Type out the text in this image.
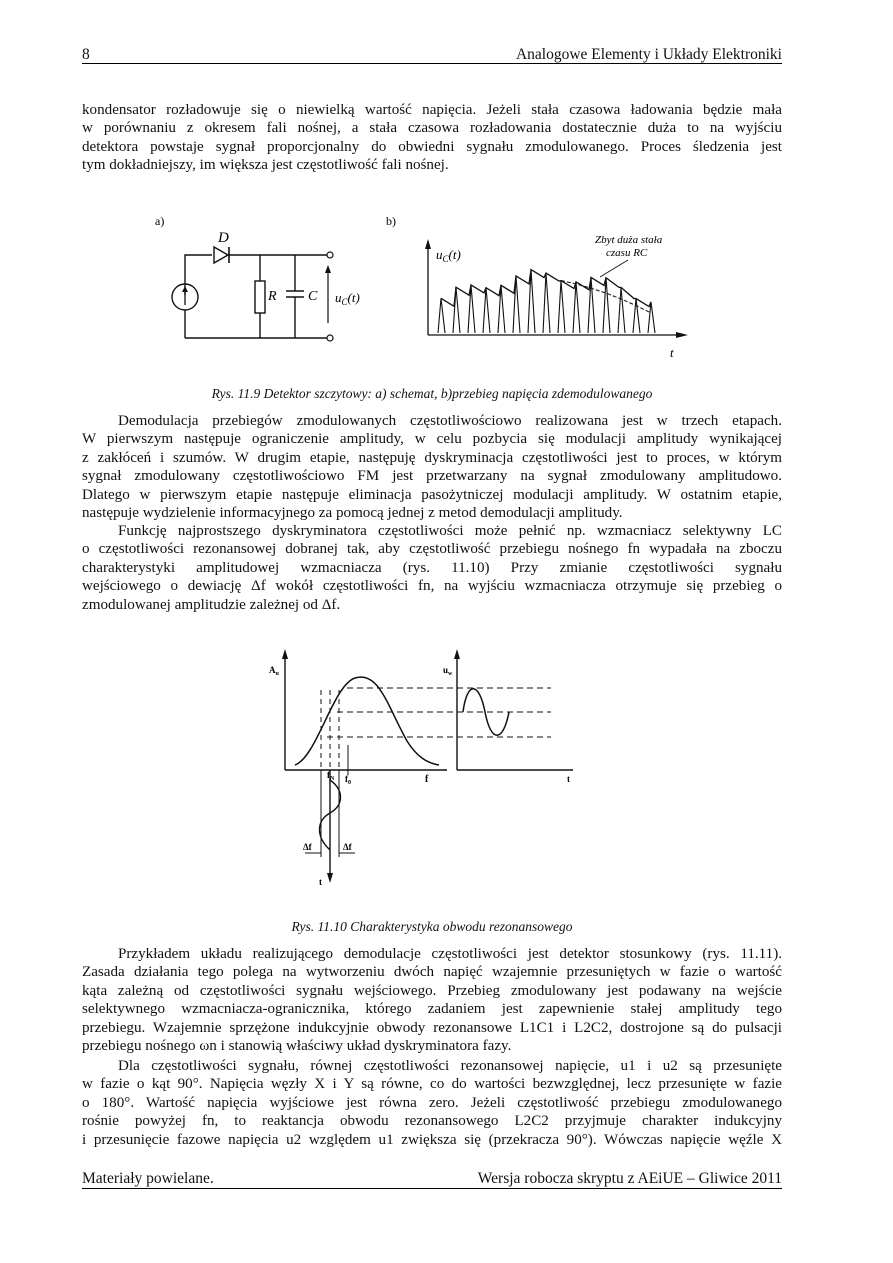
8	Analogowe Elementy i Układy Elektroniki

kondensator rozładowuje się o niewielką wartość napięcia. Jeżeli stała czasowa ładowania będzie mała
w porównaniu z okresem fali nośnej, a stała czasowa rozładowania dostatecznie duża to na wyjściu
detektora powstaje sygnał proporcjonalny do obwiedni sygnału zmodulowanego. Proces śledzenia jest
tym dokładniejszy, im większa jest częstotliwość fali nośnej.

a)
D
R C $u_C(t)$
b)
$u_C(t)$
t
Zbyt duża stała
czasu RC

Rys. 11.9 Detektor szczytowy: a) schemat, b)przebieg napięcia zdemodulowanego

Demodulacja przebiegów zmodulowanych częstotliwościowo realizowana jest w trzech etapach.
W pierwszym następuje ograniczenie amplitudy, w celu pozbycia się modulacji amplitudy wynikającej
z zakłóceń i szumów. W drugim etapie, następuję dyskryminacja częstotliwości jest to proces, w którym
sygnał zmodulowany częstotliwościowo FM jest przetwarzany na sygnał zmodulowany amplitudowo.
Dlatego w pierwszym etapie następuje eliminacja pasożytniczej modulacji amplitudy. W ostatnim etapie,
następuje wydzielenie informacyjnego za pomocą jednej z metod demodulacji amplitudy.

Funkcję najprostszego dyskryminatora częstotliwości może pełnić np. wzmacniacz selektywny LC
o częstotliwości rezonansowej dobranej tak, aby częstotliwość przebiegu nośnego fn wypadała na zboczu
charakterystyki amplitudowej wzmacniacza (rys. 11.10) Przy zmianie częstotliwości sygnału
wejściowego o dewiację Δf wokół częstotliwości fn, na wyjściu wzmacniacza otrzymuje się przebieg o
zmodulowanej amplitudzie zależnej od Δf.

$A_u$
$f_N$ $f_0$	f
Δf	Δf
t
$u_w$
t

Rys. 11.10 Charakterystyka obwodu rezonansowego

Przykładem układu realizującego demodulacje częstotliwości jest detektor stosunkowy (rys. 11.11).
Zasada działania tego polega na wytworzeniu dwóch napięć wzajemnie przesuniętych w fazie o wartość
kąta zależną od częstotliwości sygnału wejściowego. Przebieg zmodulowany jest podawany na wejście
selektywnego wzmacniacza-ogranicznika, którego zadaniem jest zapewnienie stałej amplitudy tego
przebiegu. Wzajemnie sprzężone indukcyjnie obwody rezonansowe L1C1 i L2C2, dostrojone są do pulsacji
przebiegu nośnego ωn i stanowią właściwy układ dyskryminatora fazy.

Dla częstotliwości sygnału, równej częstotliwości rezonansowej napięcie, u1 i u2 są przesunięte
w fazie o kąt 90°. Napięcia węzły X i Y są równe, co do wartości bezwzględnej, lecz przesunięte w fazie
o 180°. Wartość napięcia wyjściowe jest równa zero. Jeżeli częstotliwość przebiegu zmodulowanego
rośnie powyżej fn, to reaktancja obwodu rezonansowego L2C2 przyjmuje charakter indukcyjny
i przesunięcie fazowe napięcia u2 względem u1 zwiększa się (przekracza 90°). Wówczas napięcie węźle X

Materiały powielane.	Wersja robocza skryptu z AEiUE – Gliwice 2011
